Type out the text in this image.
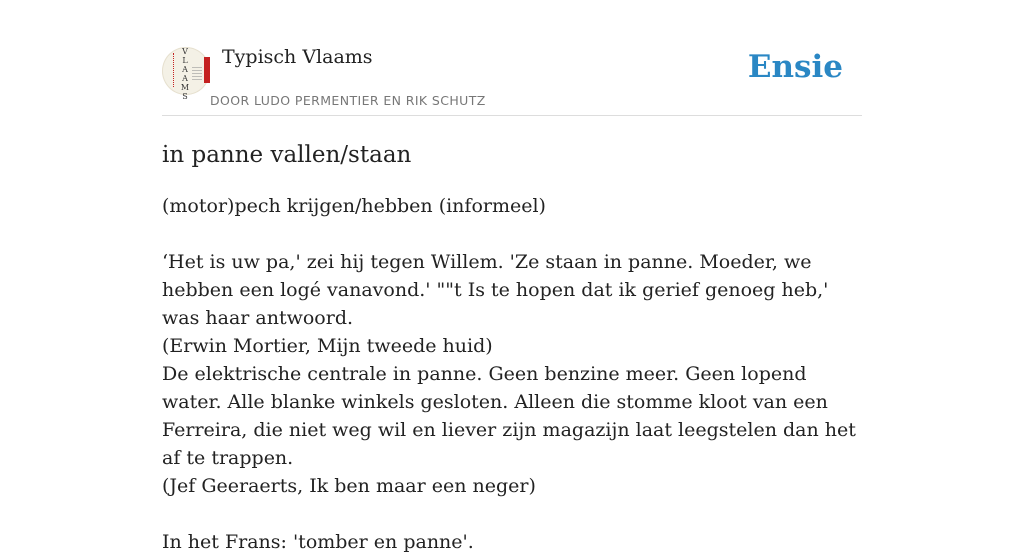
V
L
A
A
M
S
Typisch Vlaams
DOOR LUDO PERMENTIER EN RIK SCHUTZ
Ensie
in panne vallen/staan
(motor)pech krijgen/hebben (informeel)

‘Het is uw pa,' zei hij tegen Willem. 'Ze staan in panne. Moeder, we hebben een logé vanavond.' ""t Is te hopen dat ik gerief genoeg heb,' was haar antwoord.

(Erwin Mortier, Mijn tweede huid)

De elektrische centrale in panne. Geen benzine meer. Geen lopend water. Alle blanke winkels gesloten. Alleen die stomme kloot van een Ferreira, die niet weg wil en liever zijn magazijn laat leegstelen dan het af te trappen.

(Jef Geeraerts, Ik ben maar een neger)

In het Frans: 'tomber en panne'.
